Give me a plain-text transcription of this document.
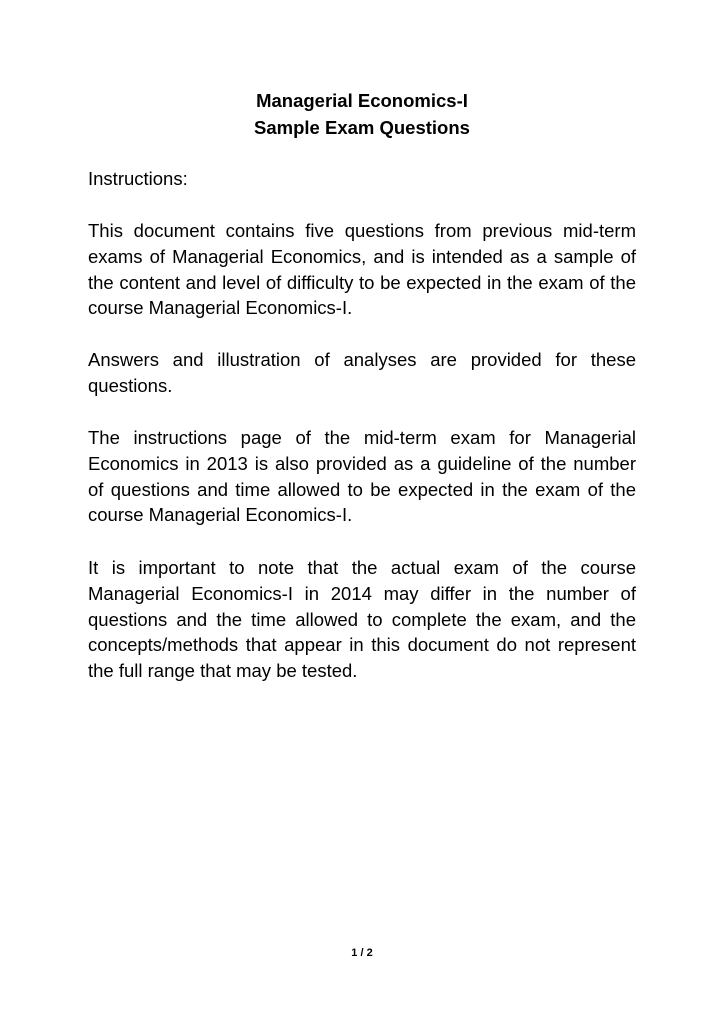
Managerial Economics-I
Sample Exam Questions
Instructions:

This document contains five questions from previous mid-term exams of Managerial Economics, and is intended as a sample of the content and level of difficulty to be expected in the exam of the course Managerial Economics-I.

Answers and illustration of analyses are provided for these questions.

The instructions page of the mid-term exam for Managerial Economics in 2013 is also provided as a guideline of the number of questions and time allowed to be expected in the exam of the course Managerial Economics-I.

It is important to note that the actual exam of the course Managerial Economics-I in 2014 may differ in the number of questions and the time allowed to complete the exam, and the concepts/methods that appear in this document do not represent the full range that may be tested.

1 / 2
